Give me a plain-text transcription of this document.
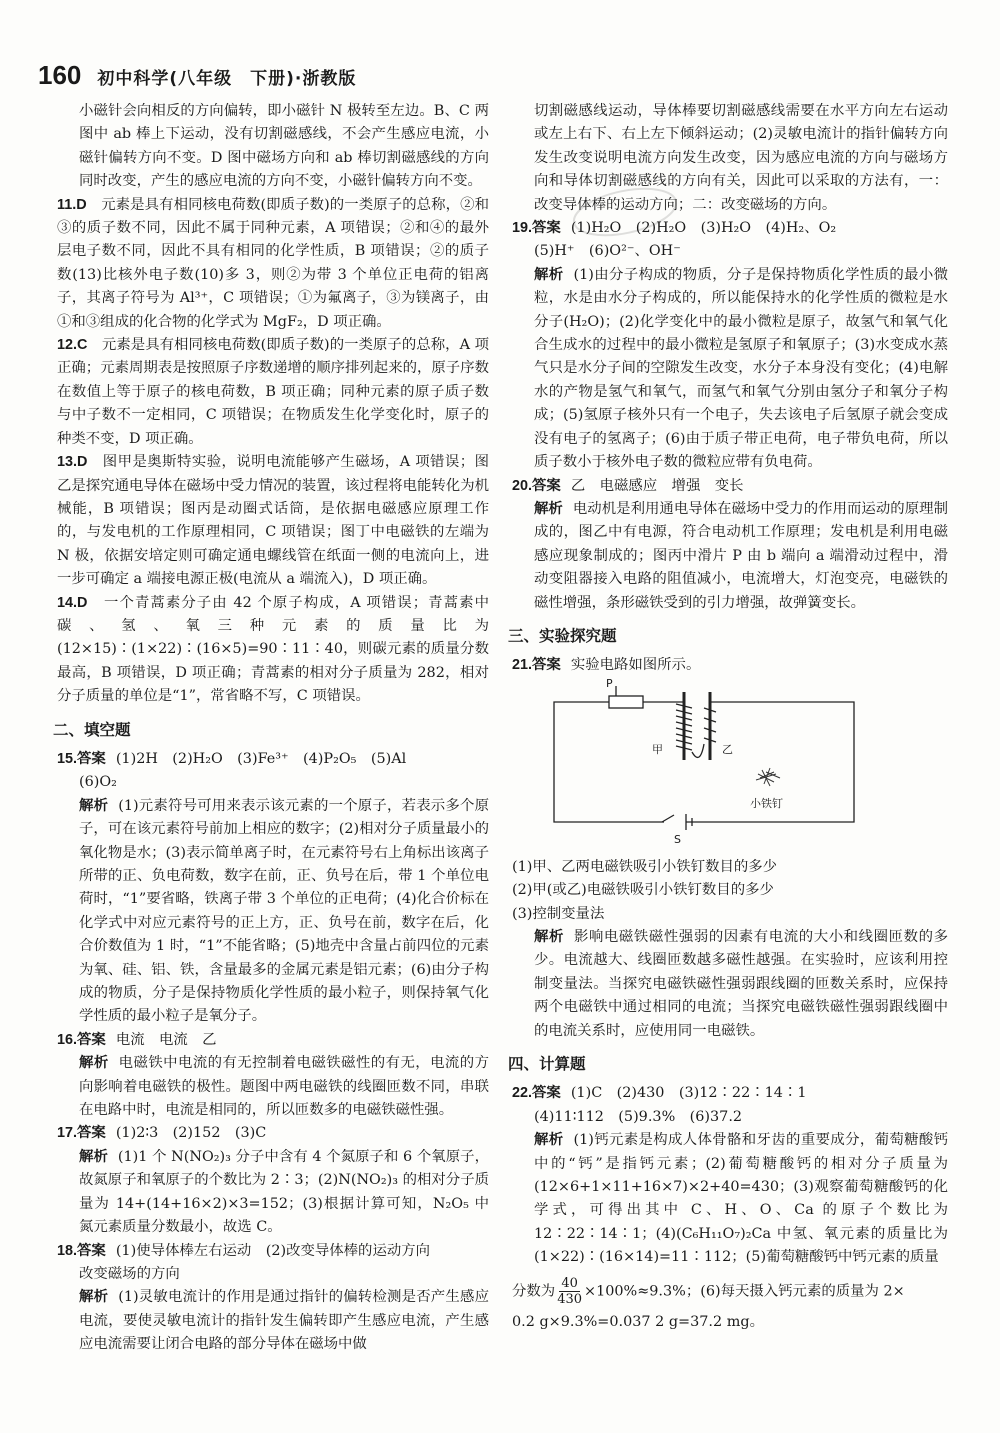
160 初中科学(八年级　下册)·浙教版

小磁针会向相反的方向偏转，即小磁针 N 极转至左边。B、C 两图中 ab 棒上下运动，没有切割磁感线，不会产生感应电流，小磁针偏转方向不变。D 图中磁场方向和 ab 棒切割磁感线的方向同时改变，产生的感应电流的方向不变，小磁针偏转方向不变。

11.D　 元素是具有相同核电荷数(即质子数)的一类原子的总称，②和③的质子数不同，因此不属于同种元素，A 项错误；②和④的最外层电子数不同，因此不具有相同的化学性质，B 项错误；②的质子数(13)比核外电子数(10)多 3，则②为带 3 个单位正电荷的铝离子，其离子符号为 Al³⁺，C 项错误；①为氟离子，③为镁离子，由①和③组成的化合物的化学式为 MgF₂，D 项正确。

12.C　 元素是具有相同核电荷数(即质子数)的一类原子的总称，A 项正确；元素周期表是按照原子序数递增的顺序排列起来的，原子序数在数值上等于原子的核电荷数，B 项正确；同种元素的原子质子数与中子数不一定相同，C 项错误；在物质发生化学变化时，原子的种类不变，D 项正确。

13.D　 图甲是奥斯特实验，说明电流能够产生磁场，A 项错误；图乙是探究通电导体在磁场中受力情况的装置，该过程将电能转化为机械能，B 项错误；图丙是动圈式话筒，是依据电磁感应原理工作的，与发电机的工作原理相同，C 项错误；图丁中电磁铁的左端为 N 极，依据安培定则可确定通电螺线管在纸面一侧的电流向上，进一步可确定 a 端接电源正极(电流从 a 端流入)，D 项正确。

14.D　 一个青蒿素分子由 42 个原子构成，A 项错误；青蒿素中碳、氢、氧三种元素的质量比为(12×15)∶(1×22)∶(16×5)=90∶11∶40，则碳元素的质量分数最高，B 项错误，D 项正确；青蒿素的相对分子质量为 282，相对分子质量的单位是“1”，常省略不写，C 项错误。

二、填空题

15.答案 (1)2H　(2)H₂O　(3)Fe³⁺　(4)P₂O₅　(5)Al

(6)O₂

解析 (1)元素符号可用来表示该元素的一个原子，若表示多个原子，可在该元素符号前加上相应的数字；(2)相对分子质量最小的氧化物是水；(3)表示简单离子时，在元素符号右上角标出该离子所带的正、负电荷数，数字在前，正、负号在后，带 1 个单位电荷时，“1”要省略，铁离子带 3 个单位的正电荷；(4)化合价标在化学式中对应元素符号的正上方，正、负号在前，数字在后，化合价数值为 1 时，“1”不能省略；(5)地壳中含量占前四位的元素为氧、硅、铝、铁，含量最多的金属元素是铝元素；(6)由分子构成的物质，分子是保持物质化学性质的最小粒子，则保持氧气化学性质的最小粒子是氧分子。

16.答案 电流　电流　乙

解析 电磁铁中电流的有无控制着电磁铁磁性的有无，电流的方向影响着电磁铁的极性。题图中两电磁铁的线圈匝数不同，串联在电路中时，电流是相同的，所以匝数多的电磁铁磁性强。

17.答案 (1)2∶3　(2)152　(3)C

解析 (1)1 个 N(NO₂)₃ 分子中含有 4 个氮原子和 6 个氧原子，故氮原子和氧原子的个数比为 2∶3；(2)N(NO₂)₃ 的相对分子质量为 14+(14+16×2)×3=152；(3)根据计算可知，N₂O₅ 中氮元素质量分数最小，故选 C。

18.答案 (1)使导体棒左右运动　(2)改变导体棒的运动方向

改变磁场的方向

解析 (1)灵敏电流计的作用是通过指针的偏转检测是否产生感应电流，要使灵敏电流计的指针发生偏转即产生感应电流，产生感应电流需要让闭合电路的部分导体在磁场中做

切割磁感线运动，导体棒要切割磁感线需要在水平方向左右运动或左上右下、右上左下倾斜运动；(2)灵敏电流计的指针偏转方向发生改变说明电流方向发生改变，因为感应电流的方向与磁场方向和导体切割磁感线的方向有关，因此可以采取的方法有，一：改变导体棒的运动方向；二：改变磁场的方向。

19.答案 (1)H₂O　(2)H₂O　(3)H₂O　(4)H₂、O₂

(5)H⁺　(6)O²⁻、OH⁻

解析 (1)由分子构成的物质，分子是保持物质化学性质的最小微粒，水是由水分子构成的，所以能保持水的化学性质的微粒是水分子(H₂O)；(2)化学变化中的最小微粒是原子，故氢气和氧气化合生成水的过程中的最小微粒是氢原子和氧原子；(3)水变成水蒸气只是水分子间的空隙发生改变，水分子本身没有变化；(4)电解水的产物是氢气和氧气，而氢气和氧气分别由氢分子和氧分子构成；(5)氢原子核外只有一个电子，失去该电子后氢原子就会变成没有电子的氢离子；(6)由于质子带正电荷，电子带负电荷，所以质子数小于核外电子数的微粒应带有负电荷。

20.答案 乙　电磁感应　增强　变长

解析 电动机是利用通电导体在磁场中受力的作用而运动的原理制成的，图乙中有电源，符合电动机工作原理；发电机是利用电磁感应现象制成的；图丙中滑片 P 由 b 端向 a 端滑动过程中，滑动变阻器接入电路的阻值减小，电流增大，灯泡变亮，电磁铁的磁性增强，条形磁铁受到的引力增强，故弹簧变长。

三、实验探究题

21.答案 实验电路如图所示。

P
甲	乙
S
小铁钉

(1)甲、乙两电磁铁吸引小铁钉数目的多少

(2)甲(或乙)电磁铁吸引小铁钉数目的多少

(3)控制变量法

解析 影响电磁铁磁性强弱的因素有电流的大小和线圈匝数的多少。电流越大、线圈匝数越多磁性越强。在实验时，应该利用控制变量法。当探究电磁铁磁性强弱跟线圈的匝数关系时，应保持两个电磁铁中通过相同的电流；当探究电磁铁磁性强弱跟线圈中的电流关系时，应使用同一电磁铁。

四、计算题

22.答案 (1)C　(2)430　(3)12∶22∶14∶1

(4)11∶112　(5)9.3%　(6)37.2

解析 (1)钙元素是构成人体骨骼和牙齿的重要成分，葡萄糖酸钙中的“钙”是指钙元素；(2)葡萄糖酸钙的相对分子质量为(12×6+1×11+16×7)×2+40=430；(3)观察葡萄糖酸钙的化学式，可得出其中 C、H、O、Ca 的原子个数比为 12∶22∶14∶1；(4)(C₆H₁₁O₇)₂Ca 中氢、氧元素的质量比为(1×22)∶(16×14)=11∶112；(5)葡萄糖酸钙中钙元素的质量

分数为 $\frac{40}{430} \times 100\%\approx 9.3\%$；(6)每天摄入钙元素的质量为 2×

0.2 g×9.3%=0.037 2 g=37.2 mg。
